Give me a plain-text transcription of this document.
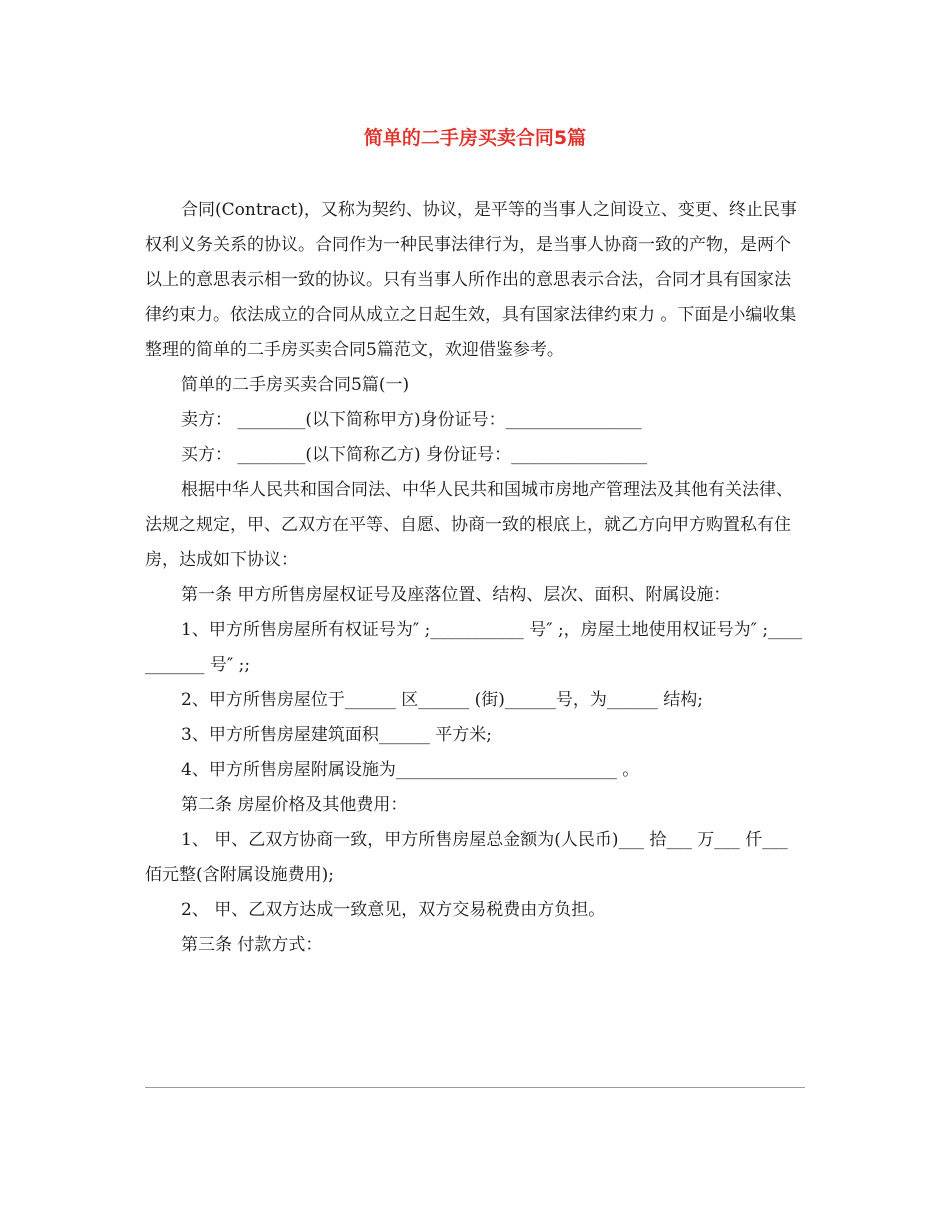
简单的二手房买卖合同5篇

合同(Contract)，又称为契约、协议，是平等的当事人之间设立、变更、终止民事权利义务关系的协议。合同作为一种民事法律行为，是当事人协商一致的产物，是两个以上的意思表示相一致的协议。只有当事人所作出的意思表示合法，合同才具有国家法律约束力。依法成立的合同从成立之日起生效，具有国家法律约束力 。下面是小编收集整理的简单的二手房买卖合同5篇范文，欢迎借鉴参考。

简单的二手房买卖合同5篇(一)

卖方： ________(以下简称甲方)身份证号：________________

买方： ________(以下简称乙方) 身份证号：________________

根据中华人民共和国合同法、中华人民共和国城市房地产管理法及其他有关法律、法规之规定，甲、乙双方在平等、自愿、协商一致的根底上，就乙方向甲方购置私有住房，达成如下协议：

第一条 甲方所售房屋权证号及座落位置、结构、层次、面积、附属设施：

1、甲方所售房屋所有权证号为″ ;___________ 号″ ;，房屋土地使用权证号为″ ;___________ 号″ ;;

2、甲方所售房屋位于______ 区______ (街)______号，为______ 结构;

3、甲方所售房屋建筑面积______ 平方米;

4、甲方所售房屋附属设施为__________________________ 。

第二条 房屋价格及其他费用：

1、 甲、乙双方协商一致，甲方所售房屋总金额为(人民币)___ 拾___ 万___ 仟___ 佰元整(含附属设施费用);

2、 甲、乙双方达成一致意见，双方交易税费由方负担。

第三条 付款方式：
